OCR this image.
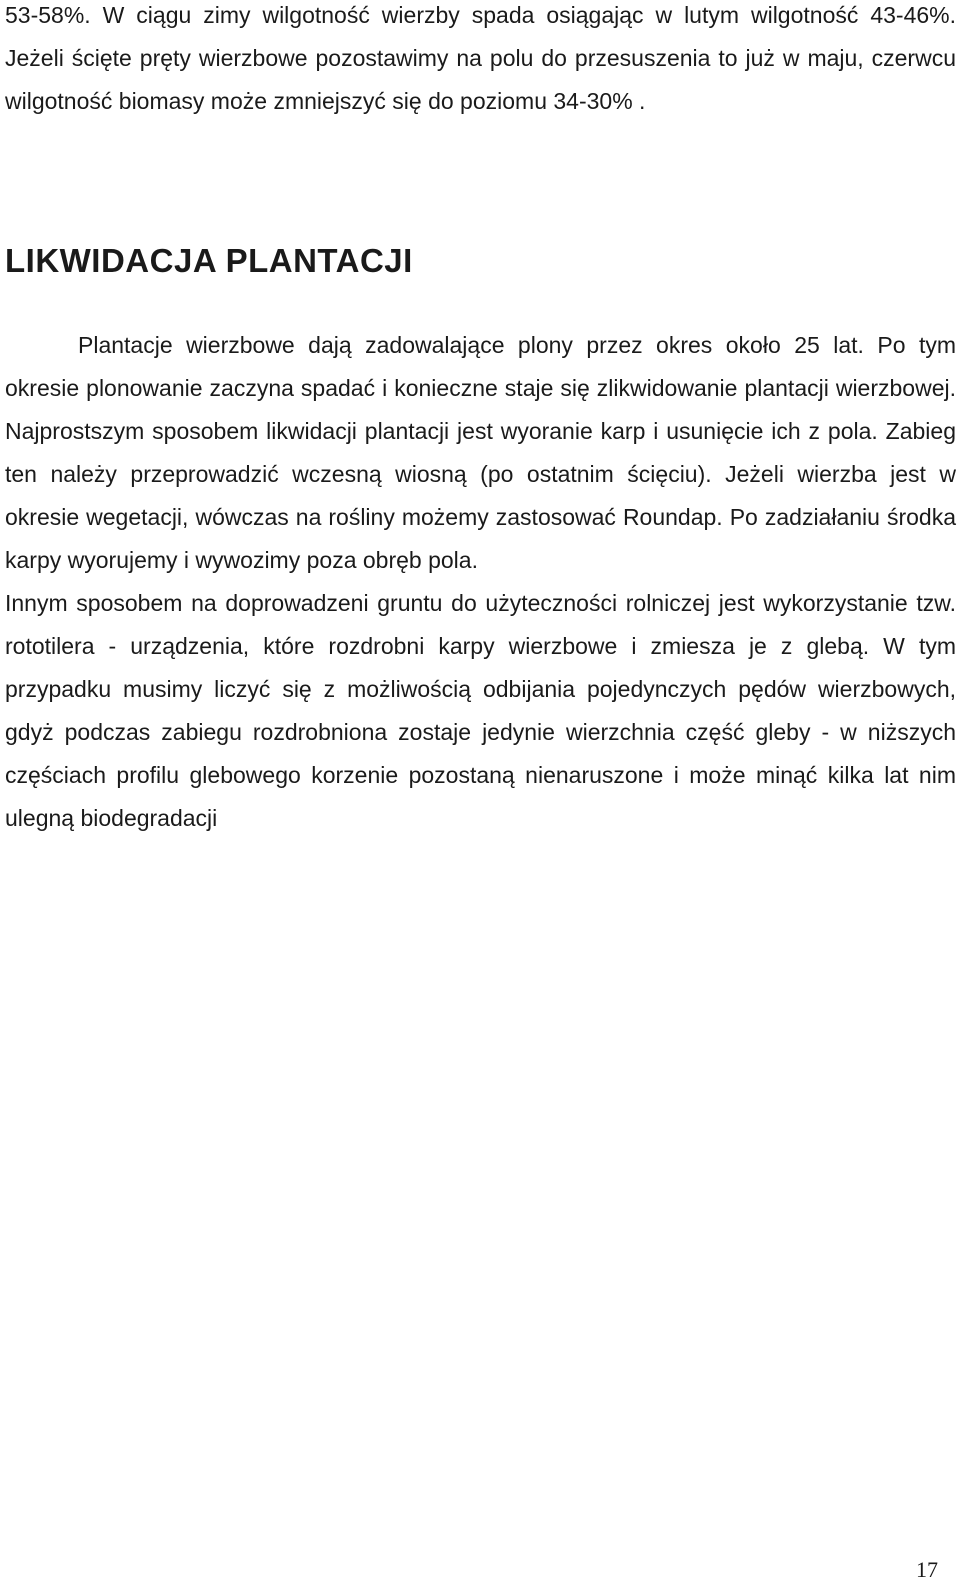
53-58%. W ciągu zimy wilgotność wierzby spada osiągając w lutym wilgotność 43-46%. Jeżeli ścięte pręty wierzbowe pozostawimy na polu do przesuszenia to już w maju, czerwcu wilgotność biomasy może zmniejszyć się do poziomu 34-30% .

LIKWIDACJA PLANTACJI

Plantacje wierzbowe dają zadowalające plony przez okres około 25 lat. Po tym okresie plonowanie zaczyna spadać i konieczne staje się zlikwidowanie plantacji wierzbowej. Najprostszym sposobem likwidacji plantacji jest wyoranie karp i usunięcie ich z pola. Zabieg ten należy przeprowadzić wczesną wiosną (po ostatnim ścięciu). Jeżeli wierzba jest w okresie wegetacji, wówczas na rośliny możemy zastosować Roundap. Po zadziałaniu środka karpy wyorujemy i wywozimy poza obręb pola.

Innym sposobem na doprowadzeni gruntu do użyteczności rolniczej jest wykorzystanie tzw. rototilera - urządzenia, które rozdrobni karpy wierzbowe i zmiesza je z glebą. W tym przypadku musimy liczyć się z możliwością odbijania pojedynczych pędów wierzbowych, gdyż podczas zabiegu rozdrobniona zostaje jedynie wierzchnia część gleby - w niższych częściach profilu glebowego korzenie pozostaną nienaruszone i może minąć kilka lat nim ulegną biodegradacji

17
